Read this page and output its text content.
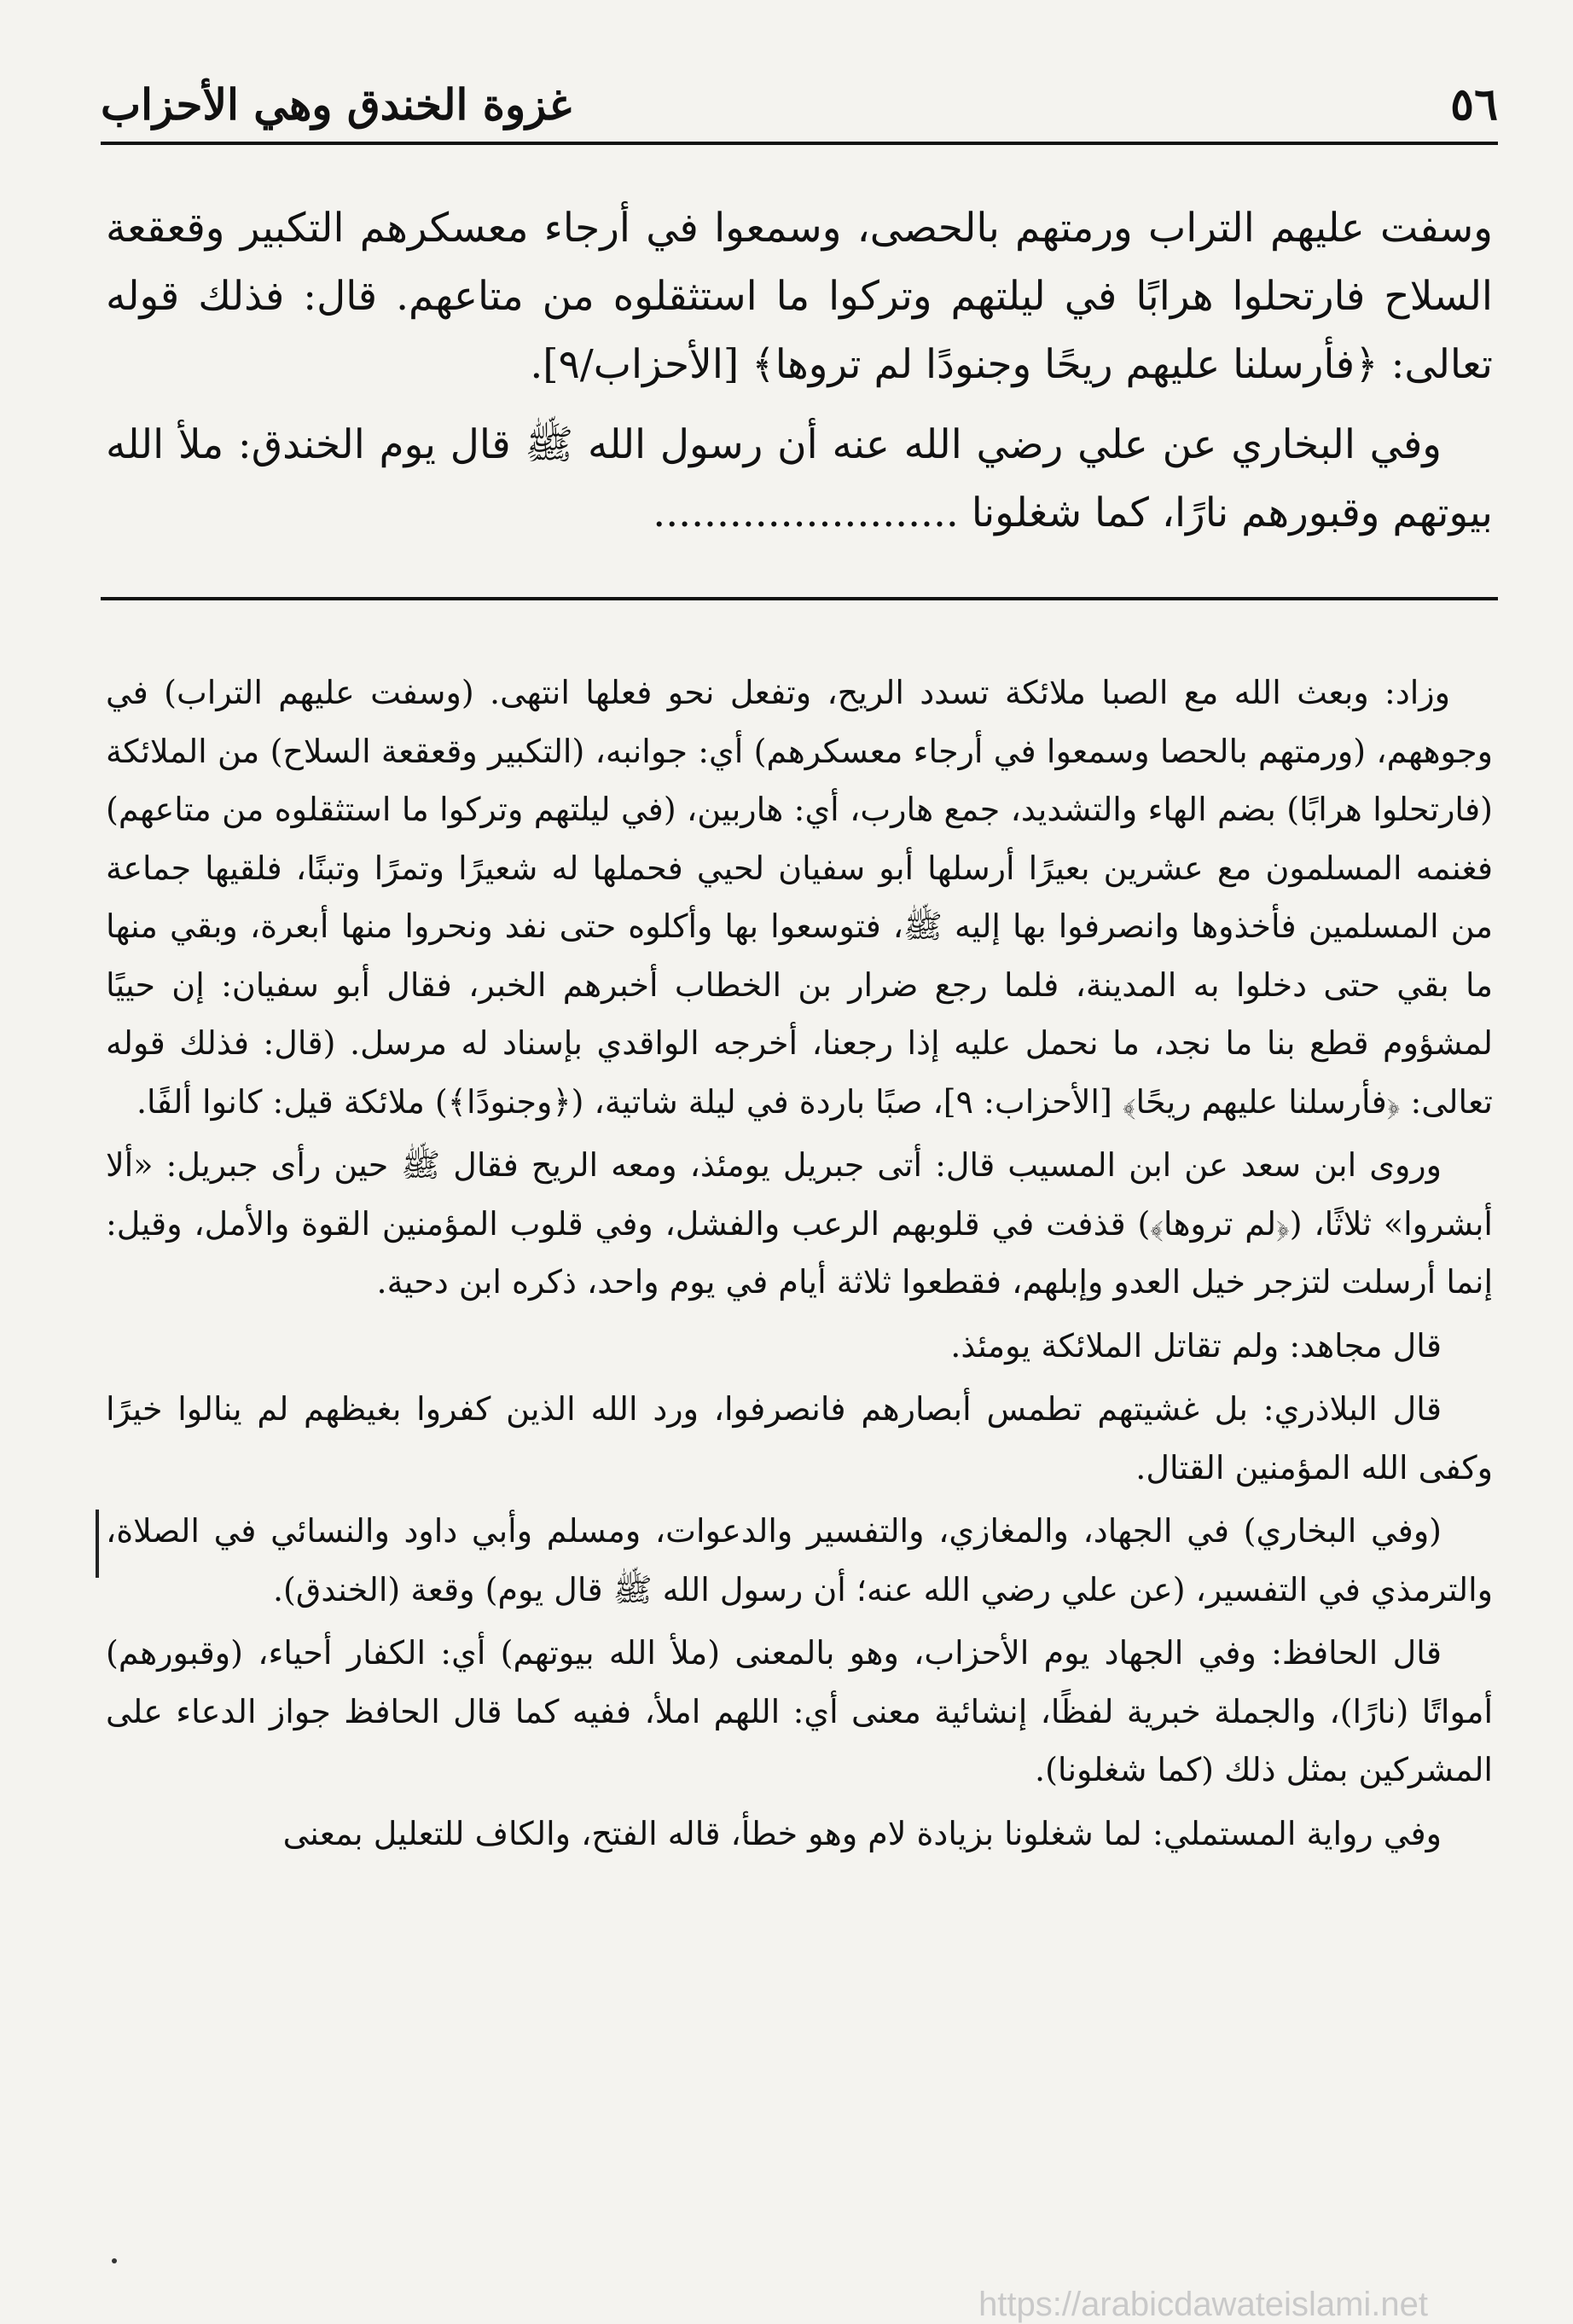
٥٦
غزوة الخندق وهي الأحزاب

وسفت عليهم التراب ورمتهم بالحصى، وسمعوا في أرجاء معسكرهم التكبير وقعقعة السلاح فارتحلوا هرابًا في ليلتهم وتركوا ما استثقلوه من متاعهم. قال: فذلك قوله تعالى: ﴿فأرسلنا عليهم ريحًا وجنودًا لم تروها﴾ [الأحزاب/٩].

وفي البخاري عن علي رضي الله عنه أن رسول الله ﷺ قال يوم الخندق: ملأ الله بيوتهم وقبورهم نارًا، كما شغلونا ........................

وزاد: وبعث الله مع الصبا ملائكة تسدد الريح، وتفعل نحو فعلها انتهى. (وسفت عليهم التراب) في وجوههم، (ورمتهم بالحصا وسمعوا في أرجاء معسكرهم) أي: جوانبه، (التكبير وقعقعة السلاح) من الملائكة (فارتحلوا هرابًا) بضم الهاء والتشديد، جمع هارب، أي: هاربين، (في ليلتهم وتركوا ما استثقلوه من متاعهم) فغنمه المسلمون مع عشرين بعيرًا أرسلها أبو سفيان لحيي فحملها له شعيرًا وتمرًا وتبنًا، فلقيها جماعة من المسلمين فأخذوها وانصرفوا بها إليه ﷺ، فتوسعوا بها وأكلوه حتى نفد ونحروا منها أبعرة، وبقي منها ما بقي حتى دخلوا به المدينة، فلما رجع ضرار بن الخطاب أخبرهم الخبر، فقال أبو سفيان: إن حييًا لمشؤوم قطع بنا ما نجد، ما نحمل عليه إذا رجعنا، أخرجه الواقدي بإسناد له مرسل. (قال: فذلك قوله تعالى: ﴿فأرسلنا عليهم ريحًا﴾ [الأحزاب: ٩]، صبًا باردة في ليلة شاتية، (﴿وجنودًا﴾) ملائكة قيل: كانوا ألفًا.

وروى ابن سعد عن ابن المسيب قال: أتى جبريل يومئذ، ومعه الريح فقال ﷺ حين رأى جبريل: «ألا أبشروا» ثلاثًا، (﴿لم تروها﴾) قذفت في قلوبهم الرعب والفشل، وفي قلوب المؤمنين القوة والأمل، وقيل: إنما أرسلت لتزجر خيل العدو وإبلهم، فقطعوا ثلاثة أيام في يوم واحد، ذكره ابن دحية.

قال مجاهد: ولم تقاتل الملائكة يومئذ.

قال البلاذري: بل غشيتهم تطمس أبصارهم فانصرفوا، ورد الله الذين كفروا بغيظهم لم ينالوا خيرًا وكفى الله المؤمنين القتال.

(وفي البخاري) في الجهاد، والمغازي، والتفسير والدعوات، ومسلم وأبي داود والنسائي في الصلاة، والترمذي في التفسير، (عن علي رضي الله عنه؛ أن رسول الله ﷺ قال يوم) وقعة (الخندق).

قال الحافظ: وفي الجهاد يوم الأحزاب، وهو بالمعنى (ملأ الله بيوتهم) أي: الكفار أحياء، (وقبورهم) أمواتًا (نارًا)، والجملة خبرية لفظًا، إنشائية معنى أي: اللهم املأ، ففيه كما قال الحافظ جواز الدعاء على المشركين بمثل ذلك (كما شغلونا).

وفي رواية المستملي: لما شغلونا بزيادة لام وهو خطأ، قاله الفتح، والكاف للتعليل بمعنى

https://arabicdawateislami.net
